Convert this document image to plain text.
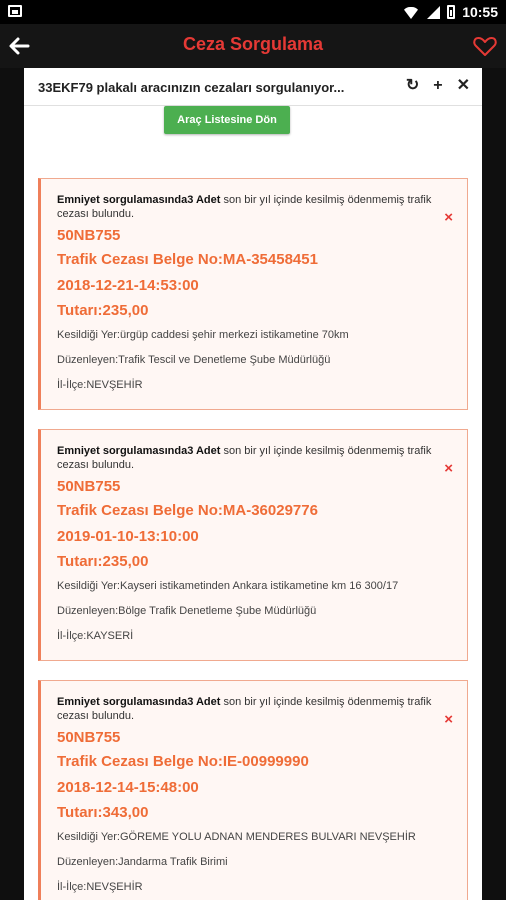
10:55
Ceza Sorgulama
33EKF79 plakalı aracınızın cezaları sorgulanıyor...	↻ + ✕
Araç Listesine Dön
Emniyet sorgulamasında3 Adet son bir yıl içinde kesilmiş ödenmemiş trafik cezası bulundu.	×
50NB755
Trafik Cezası Belge No:MA-35458451
2018-12-21-14:53:00
Tutarı:235,00
Kesildiği Yer:ürgüp caddesi şehir merkezi istikametine 70km
Düzenleyen:Trafik Tescil ve Denetleme Şube Müdürlüğü
İl-İlçe:NEVŞEHİR
Emniyet sorgulamasında3 Adet son bir yıl içinde kesilmiş ödenmemiş trafik cezası bulundu.	×
50NB755
Trafik Cezası Belge No:MA-36029776
2019-01-10-13:10:00
Tutarı:235,00
Kesildiği Yer:Kayseri istikametinden Ankara istikametine km 16 300/17
Düzenleyen:Bölge Trafik Denetleme Şube Müdürlüğü
İl-İlçe:KAYSERİ
Emniyet sorgulamasında3 Adet son bir yıl içinde kesilmiş ödenmemiş trafik cezası bulundu.	×
50NB755
Trafik Cezası Belge No:IE-00999990
2018-12-14-15:48:00
Tutarı:343,00
Kesildiği Yer:GÖREME YOLU ADNAN MENDERES BULVARI NEVŞEHİR
Düzenleyen:Jandarma Trafik Birimi
İl-İlçe:NEVŞEHİR
